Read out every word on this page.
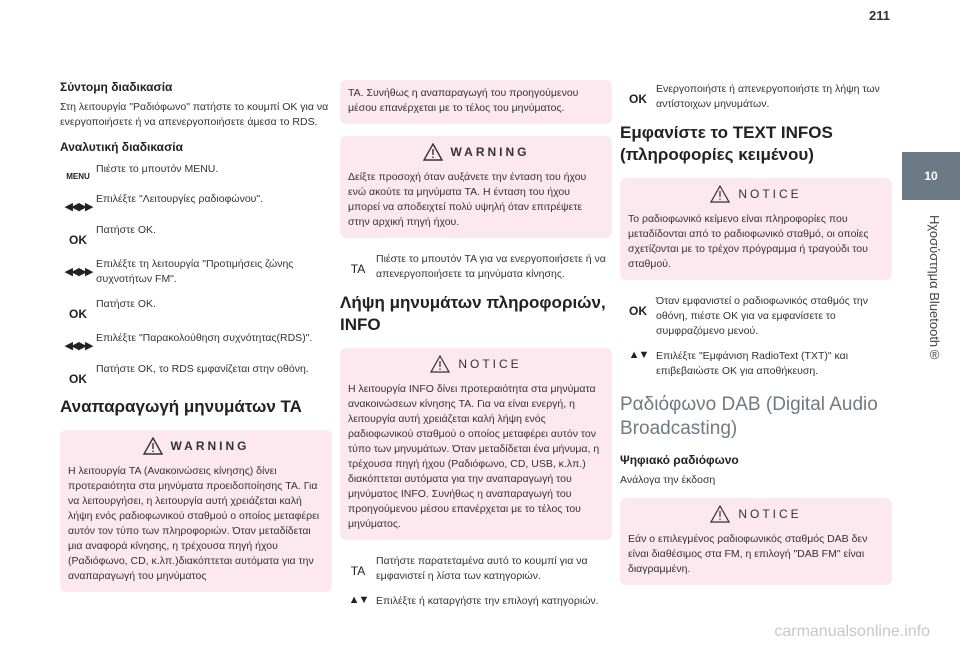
211
10
Ηχοσύστημα Bluetooth®
Σύντομη διαδικασία

Στη λειτουργία "Ραδιόφωνο" πατήστε το κουμπί OK για να ενεργοποιήσετε ή να απενεργοποιήσετε άμεσα το RDS.

Αναλυτική διαδικασία
MENU
Πιέστε το μπουτόν MENU.
◀◀ ▶▶
Επιλέξτε "Λειτουργίες ραδιοφώνου".
OK
Πατήστε OK.
◀◀ ▶▶
Επιλέξτε τη λειτουργία "Προτιμήσεις ζώνης συχνοτήτων FM".
OK
Πατήστε OK.
◀◀ ▶▶
Επιλέξτε "Παρακολούθηση συχνότητας(RDS)".
OK
Πατήστε OK, το RDS εμφανίζεται στην οθόνη.
Αναπαραγωγή μηνυμάτων TA
WARNING

Η λειτουργία TA (Ανακοινώσεις κίνησης) δίνει προτεραιότητα στα μηνύματα προειδοποίησης TA. Για να λειτουργήσει, η λειτουργία αυτή χρειάζεται καλή λήψη ενός ραδιοφωνικού σταθμού ο οποίος μεταφέρει αυτόν τον τύπο των πληροφοριών. Όταν μεταδίδεται μια αναφορά κίνησης, η τρέχουσα πηγή ήχου (Ραδιόφωνο, CD, κ.λπ.)διακόπτεται αυτόματα για την αναπαραγωγή του μηνύματος

TA. Συνήθως η αναπαραγωγή του προηγούμενου μέσου επανέρχεται με το τέλος του μηνύματος.

WARNING

Δείξτε προσοχή όταν αυξάνετε την ένταση του ήχου ενώ ακούτε τα μηνύματα TA. Η ένταση του ήχου μπορεί να αποδειχτεί πολύ υψηλή όταν επιτρέψετε στην αρχική πηγή ήχου.

TA
Πιέστε το μπουτόν TA για να ενεργοποιήσετε ή να απενεργοποιήσετε τα μηνύματα κίνησης.
Λήψη μηνυμάτων πληροφοριών, INFO
NOTICE

Η λειτουργία INFO δίνει προτεραιότητα στα μηνύματα ανακοινώσεων κίνησης TA. Για να είναι ενεργή, η λειτουργία αυτή χρειάζεται καλή λήψη ενός ραδιοφωνικού σταθμού ο οποίος μεταφέρει αυτόν τον τύπο των μηνυμάτων. Όταν μεταδίδεται ένα μήνυμα, η τρέχουσα πηγή ήχου (Ραδιόφωνο, CD, USB, κ.λπ.) διακόπτεται αυτόματα για την αναπαραγωγή του μηνύματος INFO. Συνήθως η αναπαραγωγή του προηγούμενου μέσου επανέρχεται με το τέλος του μηνύματος.

TA
Πατήστε παρατεταμένα αυτό το κουμπί για να εμφανιστεί η λίστα των κατηγοριών.
▲ ▼ Επιλέξτε ή καταργήστε την επιλογή κατηγοριών.
OK
Ενεργοποιήστε ή απενεργοποιήστε τη λήψη των αντίστοιχων μηνυμάτων.
Εμφανίστε το TEXT INFOS (πληροφορίες κειμένου)
NOTICE

Το ραδιοφωνικό κείμενο είναι πληροφορίες που μεταδίδονται από το ραδιοφωνικό σταθμό, οι οποίες σχετίζονται με το τρέχον πρόγραμμα ή τραγούδι του σταθμού.

OK
Όταν εμφανιστεί ο ραδιοφωνικός σταθμός την οθόνη, πιέστε OK για να εμφανίσετε το συμφραζόμενο μενού.
▲ ▼ Επιλέξτε "Εμφάνιση RadioText (TXT)" και επιβεβαιώστε OK για αποθήκευση.
Ραδιόφωνο DAB (Digital Audio Broadcasting)
Ψηφιακό ραδιόφωνο

Ανάλογα την έκδοση

NOTICE

Εάν ο επιλεγμένος ραδιοφωνικός σταθμός DAB δεν είναι διαθέσιμος στα FM, η επιλογή "DAB FM" είναι διαγραμμένη.

carmanualsonline.info
